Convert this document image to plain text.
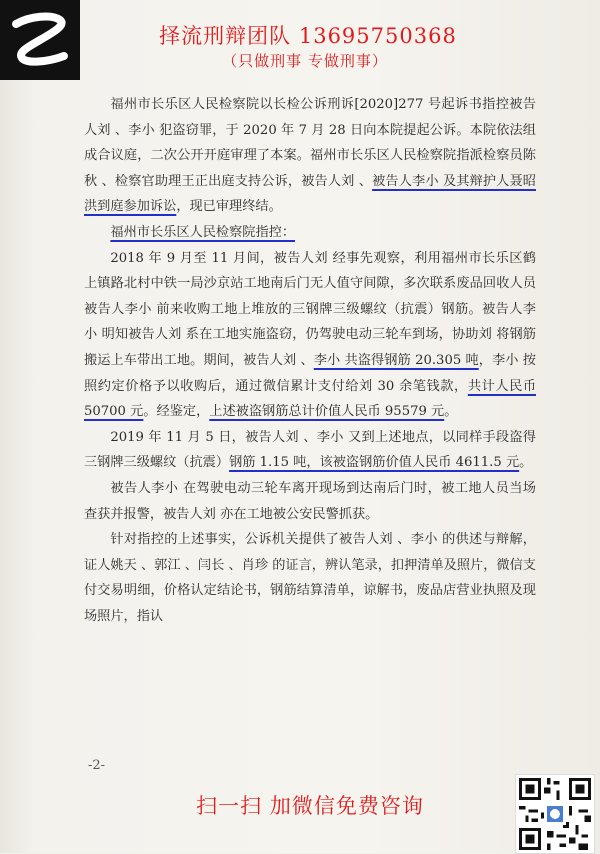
择流刑辩团队 13695750368
（只做刑事 专做刑事）

福州市长乐区人民检察院以长检公诉刑诉[2020]277 号起诉书指控被告人刘 、李小 犯盗窃罪，于 2020 年 7 月 28 日向本院提起公诉。本院依法组成合议庭，二次公开开庭审理了本案。福州市长乐区人民检察院指派检察员陈秋 、检察官助理王正出庭支持公诉，被告人刘 、被告人李小 及其辩护人聂昭洪到庭参加诉讼，现已审理终结。

福州市长乐区人民检察院指控：

2018 年 9 月至 11 月间，被告人刘 经事先观察，利用福州市长乐区鹤上镇路北村中铁一局沙京站工地南后门无人值守间隙，多次联系废品回收人员被告人李小 前来收购工地上堆放的三钢牌三级螺纹（抗震）钢筋。被告人李小 明知被告人刘 系在工地实施盗窃，仍驾驶电动三轮车到场，协助刘 将钢筋搬运上车带出工地。期间，被告人刘 、李小 共盗得钢筋 20.305 吨，李小 按照约定价格予以收购后，通过微信累计支付给刘 30 余笔钱款，共计人民币 50700 元。经鉴定，上述被盗钢筋总计价值人民币 95579 元。

2019 年 11 月 5 日，被告人刘 、李小 又到上述地点，以同样手段盗得三钢牌三级螺纹（抗震）钢筋 1.15 吨，该被盗钢筋价值人民币 4611.5 元。

被告人李小 在驾驶电动三轮车离开现场到达南后门时，被工地人员当场查获并报警，被告人刘 亦在工地被公安民警抓获。

针对指控的上述事实，公诉机关提供了被告人刘 、李小 的供述与辩解，证人姚天 、郭江 、闫长 、肖珍 的证言，辨认笔录，扣押清单及照片，微信支付交易明细，价格认定结论书，钢筋结算清单，谅解书，废品店营业执照及现场照片，指认

-2-
扫一扫 加微信免费咨询
